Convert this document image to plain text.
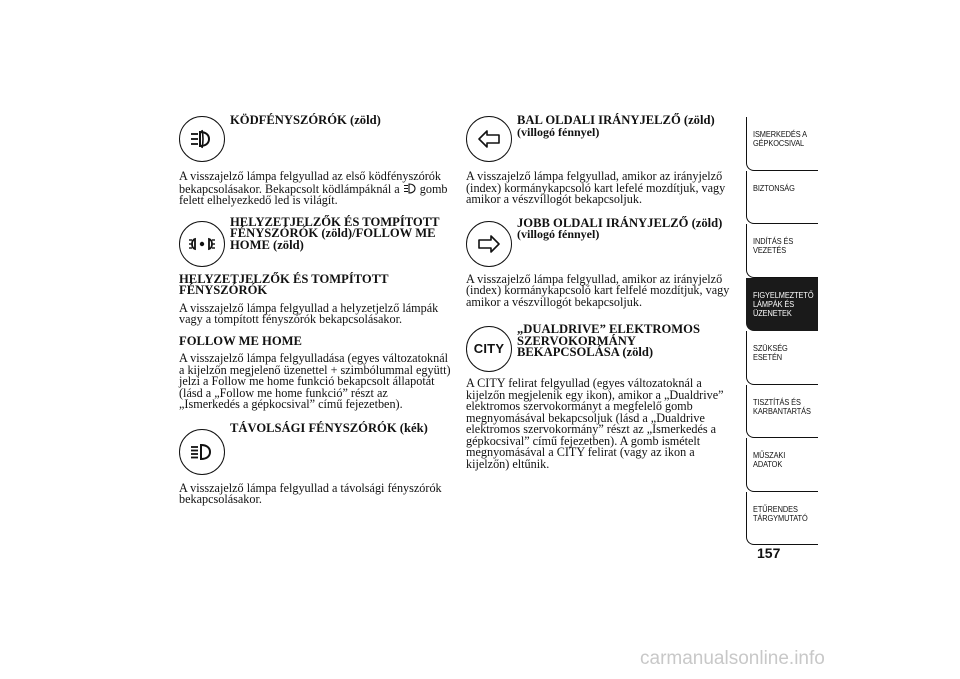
KÖDFÉNYSZÓRÓK (zöld)

A visszajelző lámpa felgyullad az első ködfényszórók bekapcsolásakor. Bekapcsolt ködlámpáknál a gomb felett elhelyezkedő led is világít.

HELYZETJELZŐK ÉS TOMPÍTOTT FÉNYSZÓRÓK (zöld)/FOLLOW ME HOME (zöld)

HELYZETJELZŐK ÉS TOMPÍTOTT FÉNYSZÓRÓK

A visszajelző lámpa felgyullad a helyzetjelző lámpák vagy a tompított fényszórók bekapcsolásakor.

FOLLOW ME HOME

A visszajelző lámpa felgyulladása (egyes változatoknál a kijelzőn megjelenő üzenettel + szimbólummal együtt) jelzi a Follow me home funkció bekapcsolt állapotát (lásd a „Follow me home funkció” részt az „Ismerkedés a gépkocsival” című fejezetben).

TÁVOLSÁGI FÉNYSZÓRÓK (kék)

A visszajelző lámpa felgyullad a távolsági fényszórók bekapcsolásakor.

BAL OLDALI IRÁNYJELZŐ (zöld)
(villogó fénnyel)

A visszajelző lámpa felgyullad, amikor az irányjelző (index) kormánykapcsoló kart lefelé mozdítjuk, vagy amikor a vészvillogót bekapcsoljuk.

JOBB OLDALI IRÁNYJELZŐ (zöld)
(villogó fénnyel)

A visszajelző lámpa felgyullad, amikor az irányjelző (index) kormánykapcsoló kart felfelé mozdítjuk, vagy amikor a vészvillogót bekapcsoljuk.

CITY
„DUALDRIVE” ELEKTROMOS SZERVOKORMÁNY BEKAPCSOLÁSA (zöld)

A CITY felirat felgyullad (egyes változatoknál a kijelzőn megjelenik egy ikon), amikor a „Dualdrive” elektromos szervokormányt a megfelelő gomb megnyomásával bekapcsoljuk (lásd a „Dualdrive elektromos szervokormány” részt az „Ismerkedés a gépkocsival” című fejezetben). A gomb ismételt megnyomásával a CITY felirat (vagy az ikon a kijelzőn) eltűnik.

ISMERKEDÉS A
GÉPKOCSIVAL
BIZTONSÁG
INDÍTÁS ÉS
VEZETÉS
FIGYELMEZTETŐ
LÁMPÁK ÉS
ÜZENETEK
SZÜKSÉG ESETÉN
TISZTÍTÁS ÉS
KARBANTARTÁS
MŰSZAKI ADATOK
ETŰRENDES
TÁRGYMUTATÓ
157
carmanualsonline.info
